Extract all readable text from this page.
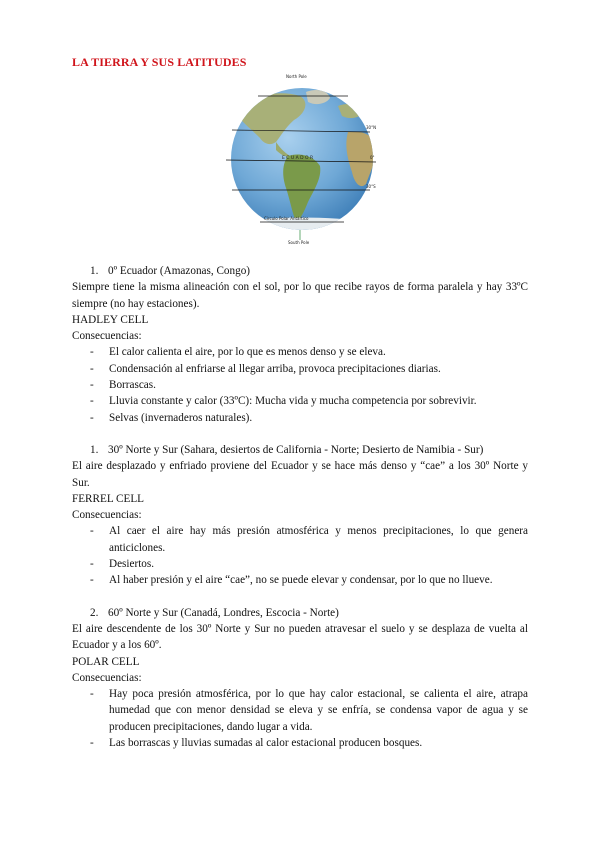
LA TIERRA Y SUS LATITUDES
North Pole
30°N
0°
30°S
Circulo Polar Antártico
South Pole
E C U A D O R
1. 0º Ecuador (Amazonas, Congo)

Siempre tiene la misma alineación con el sol, por lo que recibe rayos de forma paralela y hay 33ºC siempre (no hay estaciones).

HADLEY CELL

Consecuencias:

-	El calor calienta el aire, por lo que es menos denso y se eleva.
-	Condensación al enfriarse al llegar arriba, provoca precipitaciones diarias.
-	Borrascas.
-	Lluvia constante y calor (33ºC): Mucha vida y mucha competencia por sobrevivir.
-	Selvas (invernaderos naturales).
1. 30º Norte y Sur (Sahara, desiertos de California - Norte; Desierto de Namibia - Sur)

El aire desplazado y enfriado proviene del Ecuador y se hace más denso y “cae” a los 30º Norte y Sur.

FERREL CELL

Consecuencias:

-	Al caer el aire hay más presión atmosférica y menos precipitaciones, lo que genera anticiclones.
-	Desiertos.
-	Al haber presión y el aire “cae”, no se puede elevar y condensar, por lo que no llueve.
2. 60º Norte y Sur (Canadá, Londres, Escocia - Norte)

El aire descendente de los 30º Norte y Sur no pueden atravesar el suelo y se desplaza de vuelta al Ecuador y a los 60º.

POLAR CELL

Consecuencias:

-	Hay poca presión atmosférica, por lo que hay calor estacional, se calienta el aire, atrapa humedad que con menor densidad se eleva y se enfría, se condensa vapor de agua y se producen precipitaciones, dando lugar a vida.
-	Las borrascas y lluvias sumadas al calor estacional producen bosques.
